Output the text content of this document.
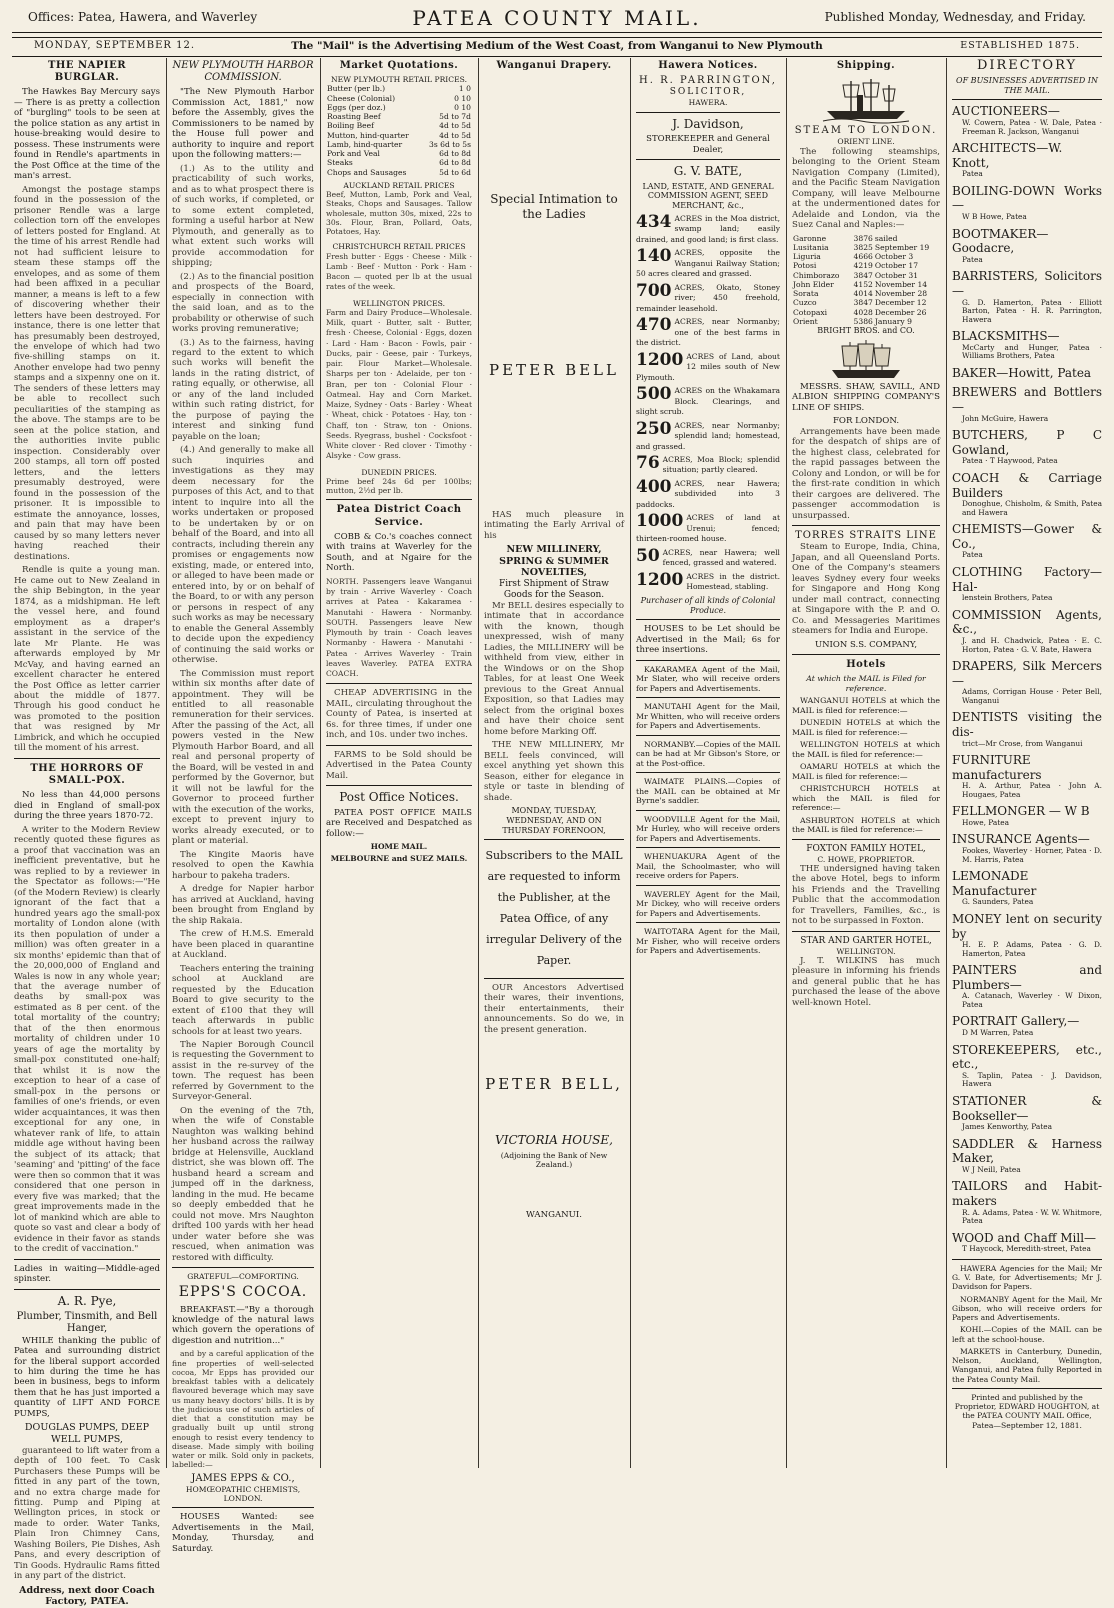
Offices: Patea, Hawera, and Waverley	PATEA COUNTY MAIL.	Published Monday, Wednesday, and Friday.
MONDAY, SEPTEMBER 12.	The "Mail" is the Advertising Medium of the West Coast, from Wanganui to New Plymouth	ESTABLISHED 1875.
THE NAPIER BURGLAR.

The Hawkes Bay Mercury says— There is as pretty a collection of "burgling" tools to be seen at the police station as any artist in house-breaking would desire to possess. These instruments were found in Rendle's apartments in the Post Office at the time of the man's arrest.

Amongst the postage stamps found in the possession of the prisoner Rendle was a large collection torn off the envelopes of letters posted for England. At the time of his arrest Rendle had not had sufficient leisure to steam these stamps off the envelopes, and as some of them had been affixed in a peculiar manner, a means is left to a few of discovering whether their letters have been destroyed. For instance, there is one letter that has presumably been destroyed, the envelope of which had two five-shilling stamps on it. Another envelope had two penny stamps and a sixpenny one on it. The senders of these letters may be able to recollect such peculiarities of the stamping as the above. The stamps are to be seen at the police station, and the authorities invite public inspection. Considerably over 200 stamps, all torn off posted letters, and the letters presumably destroyed, were found in the possession of the prisoner. It is impossible to estimate the annoyance, losses, and pain that may have been caused by so many letters never having reached their destinations.

Rendle is quite a young man. He came out to New Zealand in the ship Bebington, in the year 1874, as a midshipman. He left the vessel here, and found employment as a draper's assistant in the service of the late Mr Plante. He was afterwards employed by Mr McVay, and having earned an excellent character he entered the Post Office as letter carrier about the middle of 1877. Through his good conduct he was promoted to the position that was resigned by Mr Limbrick, and which he occupied till the moment of his arrest.

THE HORRORS OF SMALL-POX.

No less than 44,000 persons died in England of small-pox during the three years 1870-72.

A writer to the Modern Review recently quoted these figures as a proof that vaccination was an inefficient preventative, but he was replied to by a reviewer in the Spectator as follows:—"He (of the Modern Review) is clearly ignorant of the fact that a hundred years ago the small-pox mortality of London alone (with its then population of under a million) was often greater in a six months' epidemic than that of the 20,000,000 of England and Wales is now in any whole year; that the average number of deaths by small-pox was estimated as 8 per cent. of the total mortality of the country; that of the then enormous mortality of children under 10 years of age the mortality by small-pox constituted one-half; that whilst it is now the exception to hear of a case of small-pox in the persons or families of one's friends, or even wider acquaintances, it was then exceptional for any one, in whatever rank of life, to attain middle age without having been the subject of its attack; that 'seaming' and 'pitting' of the face were then so common that it was considered that one person in every five was marked; that the great improvements made in the lot of mankind which are able to quote so vast and clear a body of evidence in their favor as stands to the credit of vaccination."

Ladies in waiting—Middle-aged spinster.

A. R. Pye,
Plumber, Tinsmith, and Bell Hanger,

WHILE thanking the public of Patea and surrounding district for the liberal support accorded to him during the time he has been in business, begs to inform them that he has just imported a quantity of LIFT AND FORCE PUMPS,

DOUGLAS PUMPS, DEEP WELL PUMPS,

guaranteed to lift water from a depth of 100 feet. To Cask Purchasers these Pumps will be fitted in any part of the town, and no extra charge made for fitting. Pump and Piping at Wellington prices, in stock or made to order. Water Tanks, Plain Iron Chimney Cans, Washing Boilers, Pie Dishes, Ash Pans, and every description of Tin Goods. Hydraulic Rams fitted in any part of the district.

Address, next door Coach Factory, PATEA.
NEW PLYMOUTH HARBOR COMMISSION.

"The New Plymouth Harbor Commission Act, 1881," now before the Assembly, gives the Commissioners to be named by the House full power and authority to inquire and report upon the following matters:—

(1.) As to the utility and practicability of such works, and as to what prospect there is of such works, if completed, or to some extent completed, forming a useful harbor at New Plymouth, and generally as to what extent such works will provide accommodation for shipping;

(2.) As to the financial position and prospects of the Board, especially in connection with the said loan, and as to the probability or otherwise of such works proving remunerative;

(3.) As to the fairness, having regard to the extent to which such works will benefit the lands in the rating district, of rating equally, or otherwise, all or any of the land included within such rating district, for the purpose of paying the interest and sinking fund payable on the loan;

(4.) And generally to make all such inquiries and investigations as they may deem necessary for the purposes of this Act, and to that intent to inquire into all the works undertaken or proposed to be undertaken by or on behalf of the Board, and into all contracts, including therein any promises or engagements now existing, made, or entered into, or alleged to have been made or entered into, by or on behalf of the Board, to or with any person or persons in respect of any such works as may be necessary to enable the General Assembly to decide upon the expediency of continuing the said works or otherwise.

The Commission must report within six months after date of appointment. They will be entitled to all reasonable remuneration for their services. After the passing of the Act, all powers vested in the New Plymouth Harbor Board, and all real and personal property of the Board, will be vested in and performed by the Governor, but it will not be lawful for the Governor to proceed further with the execution of the works, except to prevent injury to works already executed, or to plant or material.

The Kingite Maoris have resolved to open the Kawhia harbour to pakeha traders.

A dredge for Napier harbor has arrived at Auckland, having been brought from England by the ship Rakaia.

The crew of H.M.S. Emerald have been placed in quarantine at Auckland.

Teachers entering the training school at Auckland are requested by the Education Board to give security to the extent of £100 that they will teach afterwards in public schools for at least two years.

The Napier Borough Council is requesting the Government to assist in the re-survey of the town. The request has been referred by Government to the Surveyor-General.

On the evening of the 7th, when the wife of Constable Naughton was walking behind her husband across the railway bridge at Helensville, Auckland district, she was blown off. The husband heard a scream and jumped off in the darkness, landing in the mud. He became so deeply embedded that he could not move. Mrs Naughton drifted 100 yards with her head under water before she was rescued, when animation was restored with difficulty.

GRATEFUL—COMFORTING.
EPPS'S COCOA.

BREAKFAST.—"By a thorough knowledge of the natural laws which govern the operations of digestion and nutrition..."

and by a careful application of the fine properties of well-selected cocoa, Mr Epps has provided our breakfast tables with a delicately flavoured beverage which may save us many heavy doctors' bills. It is by the judicious use of such articles of diet that a constitution may be gradually built up until strong enough to resist every tendency to disease. Made simply with boiling water or milk. Sold only in packets, labelled:—

JAMES EPPS & CO.,
HOMŒOPATHIC CHEMISTS, LONDON.

HOUSES Wanted: see Advertisements in the Mail, Monday, Thursday, and Saturday.

Market Quotations.
NEW PLYMOUTH RETAIL PRICES.
Butter (per lb.)	1 0
Cheese (Colonial)	0 10
Eggs (per doz.)	0 10
Roasting Beef	5d to 7d
Boiling Beef	4d to 5d
Mutton, hind-quarter	4d to 5d
Lamb, hind-quarter	3s 6d to 5s
Pork and Veal	6d to 8d
Steaks	6d to 8d
Chops and Sausages	5d to 6d
AUCKLAND RETAIL PRICES
Beef, Mutton, Lamb, Pork and Veal, Steaks, Chops and Sausages. Tallow wholesale, mutton 30s, mixed, 22s to 30s. Flour, Bran, Pollard, Oats, Potatoes, Hay.
CHRISTCHURCH RETAIL PRICES
Fresh butter · Eggs · Cheese · Milk · Lamb · Beef · Mutton · Pork · Ham · Bacon — quoted per lb at the usual rates of the week.
WELLINGTON PRICES.
Farm and Dairy Produce—Wholesale. Milk, quart · Butter, salt · Butter, fresh · Cheese, Colonial · Eggs, dozen · Lard · Ham · Bacon · Fowls, pair · Ducks, pair · Geese, pair · Turkeys, pair. Flour Market—Wholesale. Sharps per ton · Adelaide, per ton · Bran, per ton · Colonial Flour · Oatmeal. Hay and Corn Market. Maize, Sydney · Oats · Barley · Wheat · Wheat, chick · Potatoes · Hay, ton · Chaff, ton · Straw, ton · Onions. Seeds. Ryegrass, bushel · Cocksfoot · White clover · Red clover · Timothy · Alsyke · Cow grass.
DUNEDIN PRICES.
Prime beef 24s 6d per 100lbs; mutton, 2½d per lb.
Patea District Coach Service.

COBB & Co.'s coaches connect with trains at Waverley for the South, and at Ngaire for the North.

NORTH. Passengers leave Wanganui by train · Arrive Waverley · Coach arrives at Patea · Kakaramea · Manutahi · Hawera · Normanby. SOUTH. Passengers leave New Plymouth by train · Coach leaves Normanby · Hawera · Manutahi · Patea · Arrives Waverley · Train leaves Waverley. PATEA EXTRA COACH.

CHEAP ADVERTISING in the MAIL, circulating throughout the County of Patea, is inserted at 6s. for three times, if under one inch, and 10s. under two inches.

FARMS to be Sold should be Advertised in the Patea County Mail.

Post Office Notices.

PATEA POST OFFICE MAILS are Received and Despatched as follow:—

HOME MAIL.
MELBOURNE and SUEZ MAILS.
Wanganui Drapery.
Special Intimation to the Ladies
PETER BELL

HAS much pleasure in intimating the Early Arrival of his

NEW MILLINERY, SPRING & SUMMER NOVELTIES,
First Shipment of Straw Goods for the Season.

Mr BELL desires especially to intimate that in accordance with the known, though unexpressed, wish of many Ladies, the MILLINERY will be withheld from view, either in the Windows or on the Shop Tables, for at least One Week previous to the Great Annual Exposition, so that Ladies may select from the original boxes and have their choice sent home before Marking Off.

THE NEW MILLINERY, Mr BELL feels convinced, will excel anything yet shown this Season, either for elegance in style or taste in blending of shade.

MONDAY, TUESDAY, WEDNESDAY, AND ON THURSDAY FORENOON,
Subscribers to the MAIL are requested to inform the Publisher, at the Patea Office, of any irregular Delivery of the Paper.

OUR Ancestors Advertised their wares, their inventions, their entertainments, their announcements. So do we, in the present generation.

PETER BELL,
VICTORIA HOUSE,
(Adjoining the Bank of New Zealand.)
WANGANUI.
Hawera Notices.
H. R. PARRINGTON,
SOLICITOR,
HAWERA.
J. Davidson,
STOREKEEPER and General Dealer,
G. V. BATE,
LAND, ESTATE, AND GENERAL COMMISSION AGENT, SEED MERCHANT, &c.,
434 ACRES in the Moa district, swamp land; easily drained, and good land; is first class.
140 ACRES, opposite the Wanganui Railway Station; 50 acres cleared and grassed.
700 ACRES, Okato, Stoney river; 450 freehold, remainder leasehold.
470 ACRES, near Normanby; one of the best farms in the district.
1200 ACRES of Land, about 12 miles south of New Plymouth.
500 ACRES on the Whakamara Block. Clearings, and slight scrub.
250 ACRES, near Normanby; splendid land; homestead, and grassed.
76 ACRES, Moa Block; splendid situation; partly cleared.
400 ACRES, near Hawera; subdivided into 3 paddocks.
1000 ACRES of land at Urenui; fenced; thirteen-roomed house.
50 ACRES, near Hawera; well fenced, grassed and watered.
1200 ACRES in the district. Homestead, stabling.
Purchaser of all kinds of Colonial Produce.

HOUSES to be Let should be Advertised in the Mail; 6s for three insertions.

KAKARAMEA Agent of the Mail, Mr Slater, who will receive orders for Papers and Advertisements.

MANUTAHI Agent for the Mail, Mr Whitten, who will receive orders for Papers and Advertisements.

NORMANBY.—Copies of the MAIL can be had at Mr Gibson's Store, or at the Post-office.

WAIMATE PLAINS.—Copies of the MAIL can be obtained at Mr Byrne's saddler.

WOODVILLE Agent for the Mail, Mr Hurley, who will receive orders for Papers and Advertisements.

WHENUAKURA Agent of the Mail, the Schoolmaster, who will receive orders for Papers.

WAVERLEY Agent for the Mail, Mr Dickey, who will receive orders for Papers and Advertisements.

WAITOTARA Agent for the Mail, Mr Fisher, who will receive orders for Papers and Advertisements.

Shipping.
STEAM TO LONDON.
ORIENT LINE.

The following steamships, belonging to the Orient Steam Navigation Company (Limited), and the Pacific Steam Navigation Company, will leave Melbourne at the undermentioned dates for Adelaide and London, via the Suez Canal and Naples:—

Garonne	3876	sailed
Lusitania	3825	September 19
Liguria	4666	October 3
Potosi	4219	October 17
Chimborazo	3847	October 31
John Elder	4152	November 14
Sorata	4014	November 28
Cuzco	3847	December 12
Cotopaxi	4028	December 26
Orient	5386	January 9
BRIGHT BROS. and CO.

MESSRS. SHAW, SAVILL, AND ALBION SHIPPING COMPANY'S LINE OF SHIPS.

FOR LONDON.

Arrangements have been made for the despatch of ships are of the highest class, celebrated for the rapid passages between the Colony and London, or will be for the first-rate condition in which their cargoes are delivered. The passenger accommodation is unsurpassed.

TORRES STRAITS LINE

Steam to Europe, India, China, Japan, and all Queensland Ports. One of the Company's steamers leaves Sydney every four weeks for Singapore and Hong Kong under mail contract, connecting at Singapore with the P. and O. Co. and Messageries Maritimes steamers for India and Europe.

UNION S.S. COMPANY,
Hotels
At which the MAIL is Filed for reference.

WANGANUI HOTELS at which the MAIL is filed for reference:—

DUNEDIN HOTELS at which the MAIL is filed for reference:—

WELLINGTON HOTELS at which the MAIL is filed for reference:—

OAMARU HOTELS at which the MAIL is filed for reference:—

CHRISTCHURCH HOTELS at which the MAIL is filed for reference:—

ASHBURTON HOTELS at which the MAIL is filed for reference:—

FOXTON FAMILY HOTEL,
C. HOWE, PROPRIETOR.

THE undersigned having taken the above Hotel, begs to inform his Friends and the Travelling Public that the accommodation for Travellers, Families, &c., is not to be surpassed in Foxton.

STAR AND GARTER HOTEL,
WELLINGTON.

J. T. WILKINS has much pleasure in informing his friends and general public that he has purchased the lease of the above well-known Hotel.

DIRECTORY
OF BUSINESSES ADVERTISED IN THE MAIL.
AUCTIONEERS—
W. Cowern, Patea · W. Dale, Patea · Freeman R. Jackson, Wanganui
ARCHITECTS—W. Knott,
Patea
BOILING-DOWN Works—
W B Howe, Patea
BOOTMAKER— Goodacre,
Patea
BARRISTERS, Solicitors—
G. D. Hamerton, Patea · Elliott Barton, Patea · H. R. Parrington, Hawera
BLACKSMITHS—
McCarty and Hunger, Patea · Williams Brothers, Patea
BAKER—Howitt, Patea
BREWERS and Bottlers—
John McGuire, Hawera
BUTCHERS, P C Gowland,
Patea · T Haywood, Patea
COACH & Carriage Builders
Donoghue, Chisholm, & Smith, Patea and Hawera
CHEMISTS—Gower & Co.,
Patea
CLOTHING Factory—Hal-
lenstein Brothers, Patea
COMMISSION Agents, &c.,
J. and H. Chadwick, Patea · E. C. Horton, Patea · G. V. Bate, Hawera
DRAPERS, Silk Mercers—
Adams, Corrigan House · Peter Bell, Wanganui
DENTISTS visiting the dis-
trict—Mr Crose, from Wanganui
FURNITURE manufacturers
H. A. Arthur, Patea · John A. Hougaes, Patea
FELLMONGER — W B
Howe, Patea
INSURANCE Agents—
Fookes, Waverley · Horner, Patea · D. M. Harris, Patea
LEMONADE Manufacturer
G. Saunders, Patea
MONEY lent on security by
H. E. P. Adams, Patea · G. D. Hamerton, Patea
PAINTERS and Plumbers—
A. Catanach, Waverley · W Dixon, Patea
PORTRAIT Gallery,—
D M Warren, Patea
STOREKEEPERS, etc., etc.,
S. Taplin, Patea · J. Davidson, Hawera
STATIONER & Bookseller—
James Kenworthy, Patea
SADDLER & Harness Maker,
W J Neill, Patea
TAILORS and Habit-makers
R. A. Adams, Patea · W. W. Whitmore, Patea
WOOD and Chaff Mill—
T Haycock, Meredith-street, Patea

HAWERA Agencies for the Mail; Mr G. V. Bate, for Advertisements; Mr J. Davidson for Papers.

NORMANBY Agent for the Mail, Mr Gibson, who will receive orders for Papers and Advertisements.

KOHI.—Copies of the MAIL can be left at the school-house.

MARKETS in Canterbury, Dunedin, Nelson, Auckland, Wellington, Wanganui, and Patea fully Reported in the Patea County Mail.

Printed and published by the Proprietor, EDWARD HOUGHTON, at the PATEA COUNTY MAIL Office, Patea—September 12, 1881.
